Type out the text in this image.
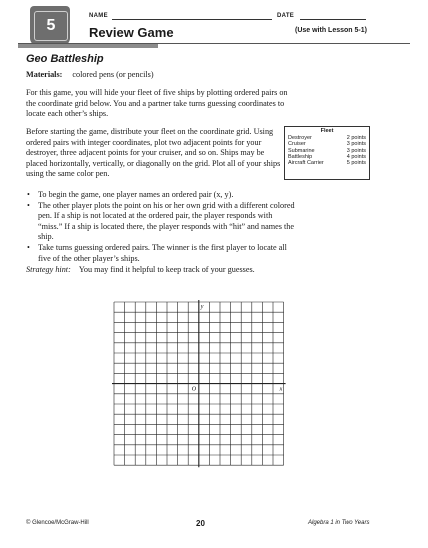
5
NAME	DATE
Review Game	(Use with Lesson 5-1)
Geo Battleship
Materials: colored pens (or pencils)
For this game, you will hide your fleet of five ships by plotting ordered pairs on the coordinate grid below. You and a partner take turns guessing coordinates to locate each other’s ships.
Before starting the game, distribute your fleet on the coordinate grid. Using ordered pairs with integer coordinates, plot two adjacent points for your destroyer, three adjacent points for your cruiser, and so on. Ships may be placed horizontally, vertically, or diagonally on the grid. Plot all of your ships using the same color pen.
Fleet
Destroyer	2 points
Cruiser	3 points
Submarine	3 points
Battleship	4 points
Aircraft Carrier	5 points
• To begin the game, one player names an ordered pair (x, y).
• The other player plots the point on his or her own grid with a different colored pen. If a ship is not located at the ordered pair, the player responds with “miss.” If a ship is located there, the player responds with “hit” and names the ship.
• Take turns guessing ordered pairs. The winner is the first player to locate all five of the other player’s ships.
Strategy hint: You may find it helpful to keep track of your guesses.
x
y
O
© Glencoe/McGraw-Hill	20	Algebra 1 in Two Years
